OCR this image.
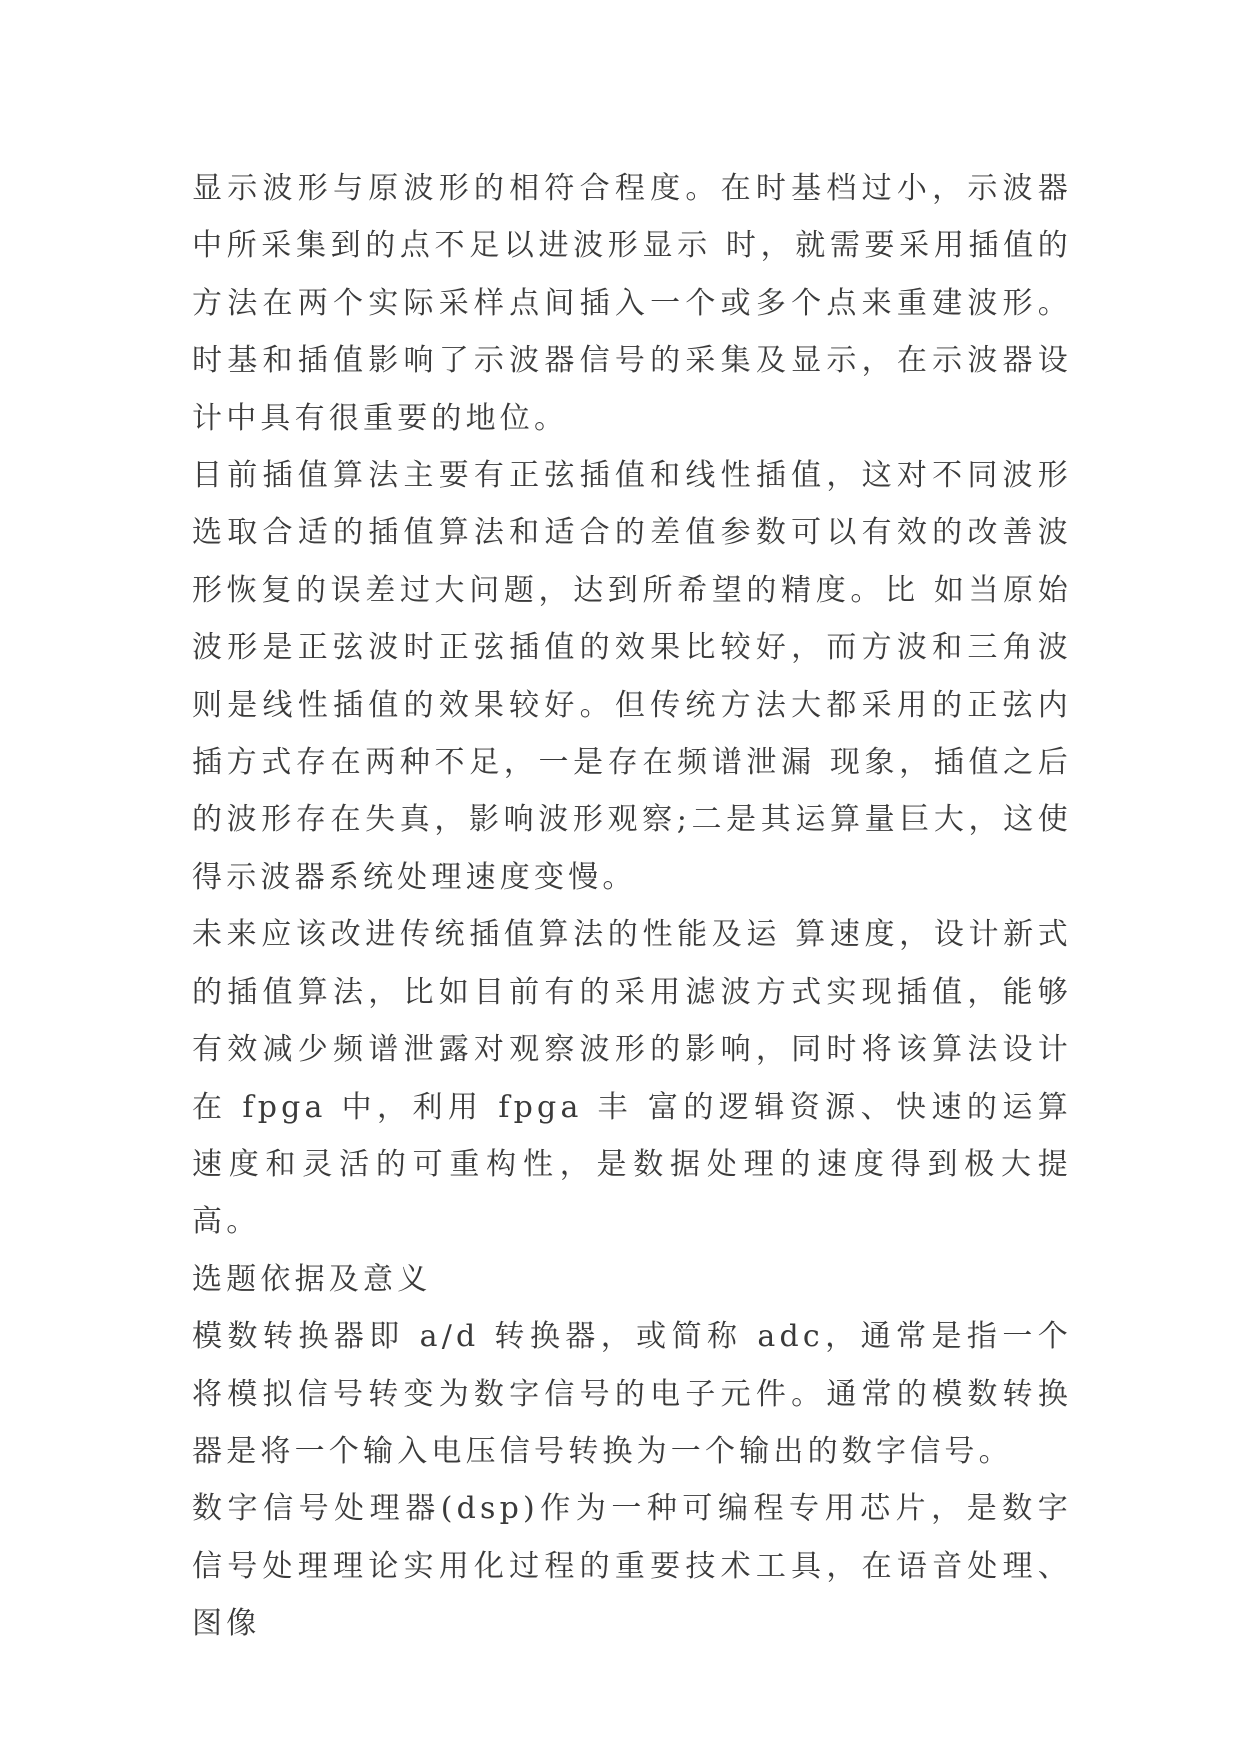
显示波形与原波形的相符合程度。在时基档过小，示波器中所采集到的点不足以进波形显示 时，就需要采用插值的方法在两个实际采样点间插入一个或多个点来重建波形。时基和插值影响了示波器信号的采集及显示，在示波器设计中具有很重要的地位。

目前插值算法主要有正弦插值和线性插值，这对不同波形选取合适的插值算法和适合的差值参数可以有效的改善波形恢复的误差过大问题，达到所希望的精度。比 如当原始波形是正弦波时正弦插值的效果比较好，而方波和三角波则是线性插值的效果较好。但传统方法大都采用的正弦内插方式存在两种不足，一是存在频谱泄漏 现象，插值之后的波形存在失真，影响波形观察;二是其运算量巨大，这使得示波器系统处理速度变慢。

未来应该改进传统插值算法的性能及运 算速度，设计新式的插值算法，比如目前有的采用滤波方式实现插值，能够有效减少频谱泄露对观察波形的影响，同时将该算法设计在 fpga 中，利用 fpga 丰 富的逻辑资源、快速的运算速度和灵活的可重构性，是数据处理的速度得到极大提高。

选题依据及意义

模数转换器即 a/d 转换器，或简称 adc，通常是指一个将模拟信号转变为数字信号的电子元件。通常的模数转换器是将一个输入电压信号转换为一个输出的数字信号。

数字信号处理器(dsp)作为一种可编程专用芯片，是数字信号处理理论实用化过程的重要技术工具，在语音处理、图像
